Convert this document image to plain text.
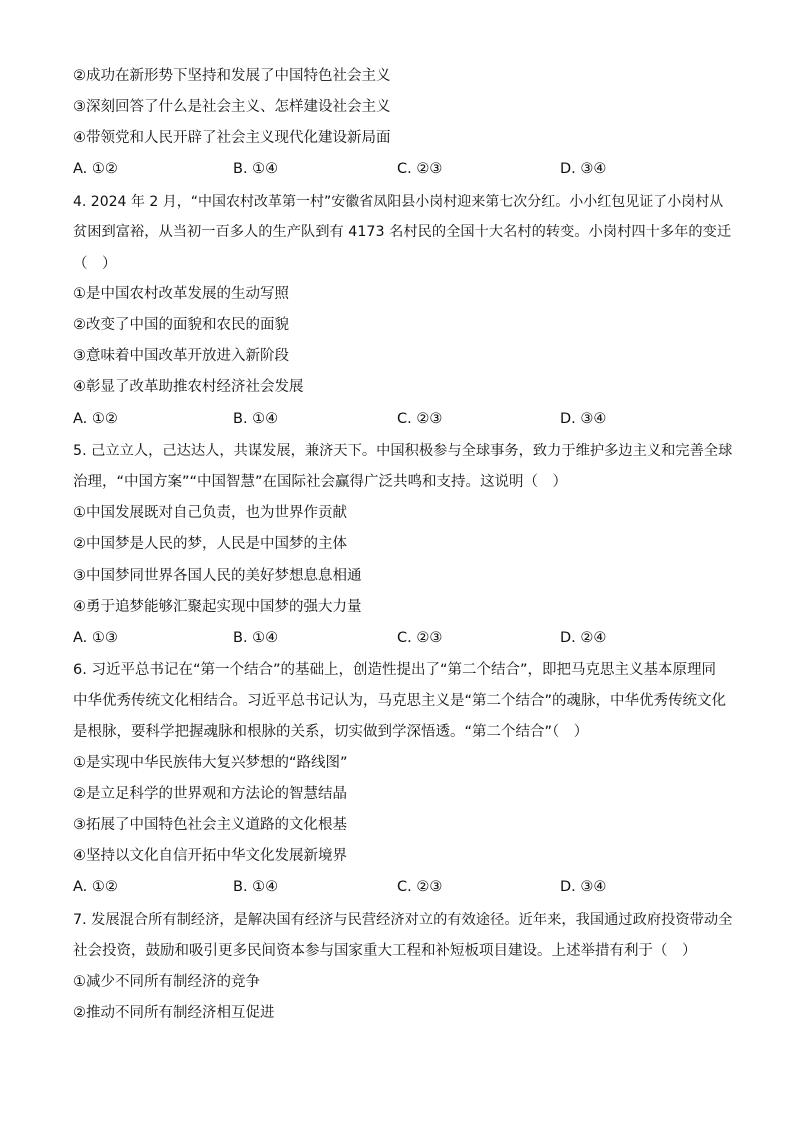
②成功在新形势下坚持和发展了中国特色社会主义
③深刻回答了什么是社会主义、怎样建设社会主义
④带领党和人民开辟了社会主义现代化建设新局面
A. ①②	B. ①④	C. ②③	D. ③④
4. 2024 年 2 月，“中国农村改革第一村”安徽省凤阳县小岗村迎来第七次分红。小小红包见证了小岗村从
贫困到富裕，从当初一百多人的生产队到有 4173 名村民的全国十大名村的转变。小岗村四十多年的变迁
（　）
①是中国农村改革发展的生动写照
②改变了中国的面貌和农民的面貌
③意味着中国改革开放进入新阶段
④彰显了改革助推农村经济社会发展
A. ①②	B. ①④	C. ②③	D. ③④
5. 己立立人，己达达人，共谋发展，兼济天下。中国积极参与全球事务，致力于维护多边主义和完善全球
治理，“中国方案”“中国智慧”在国际社会赢得广泛共鸣和支持。这说明（　）
①中国发展既对自己负责，也为世界作贡献
②中国梦是人民的梦，人民是中国梦的主体
③中国梦同世界各国人民的美好梦想息息相通
④勇于追梦能够汇聚起实现中国梦的强大力量
A. ①③	B. ①④	C. ②③	D. ②④
6. 习近平总书记在“第一个结合”的基础上，创造性提出了“第二个结合”，即把马克思主义基本原理同
中华优秀传统文化相结合。习近平总书记认为，马克思主义是“第二个结合”的魂脉，中华优秀传统文化
是根脉，要科学把握魂脉和根脉的关系，切实做到学深悟透。“第二个结合”（　）
①是实现中华民族伟大复兴梦想的“路线图”
②是立足科学的世界观和方法论的智慧结晶
③拓展了中国特色社会主义道路的文化根基
④坚持以文化自信开拓中华文化发展新境界
A. ①②	B. ①④	C. ②③	D. ③④
7. 发展混合所有制经济，是解决国有经济与民营经济对立的有效途径。近年来，我国通过政府投资带动全
社会投资，鼓励和吸引更多民间资本参与国家重大工程和补短板项目建设。上述举措有利于（　）
①减少不同所有制经济的竞争
②推动不同所有制经济相互促进
